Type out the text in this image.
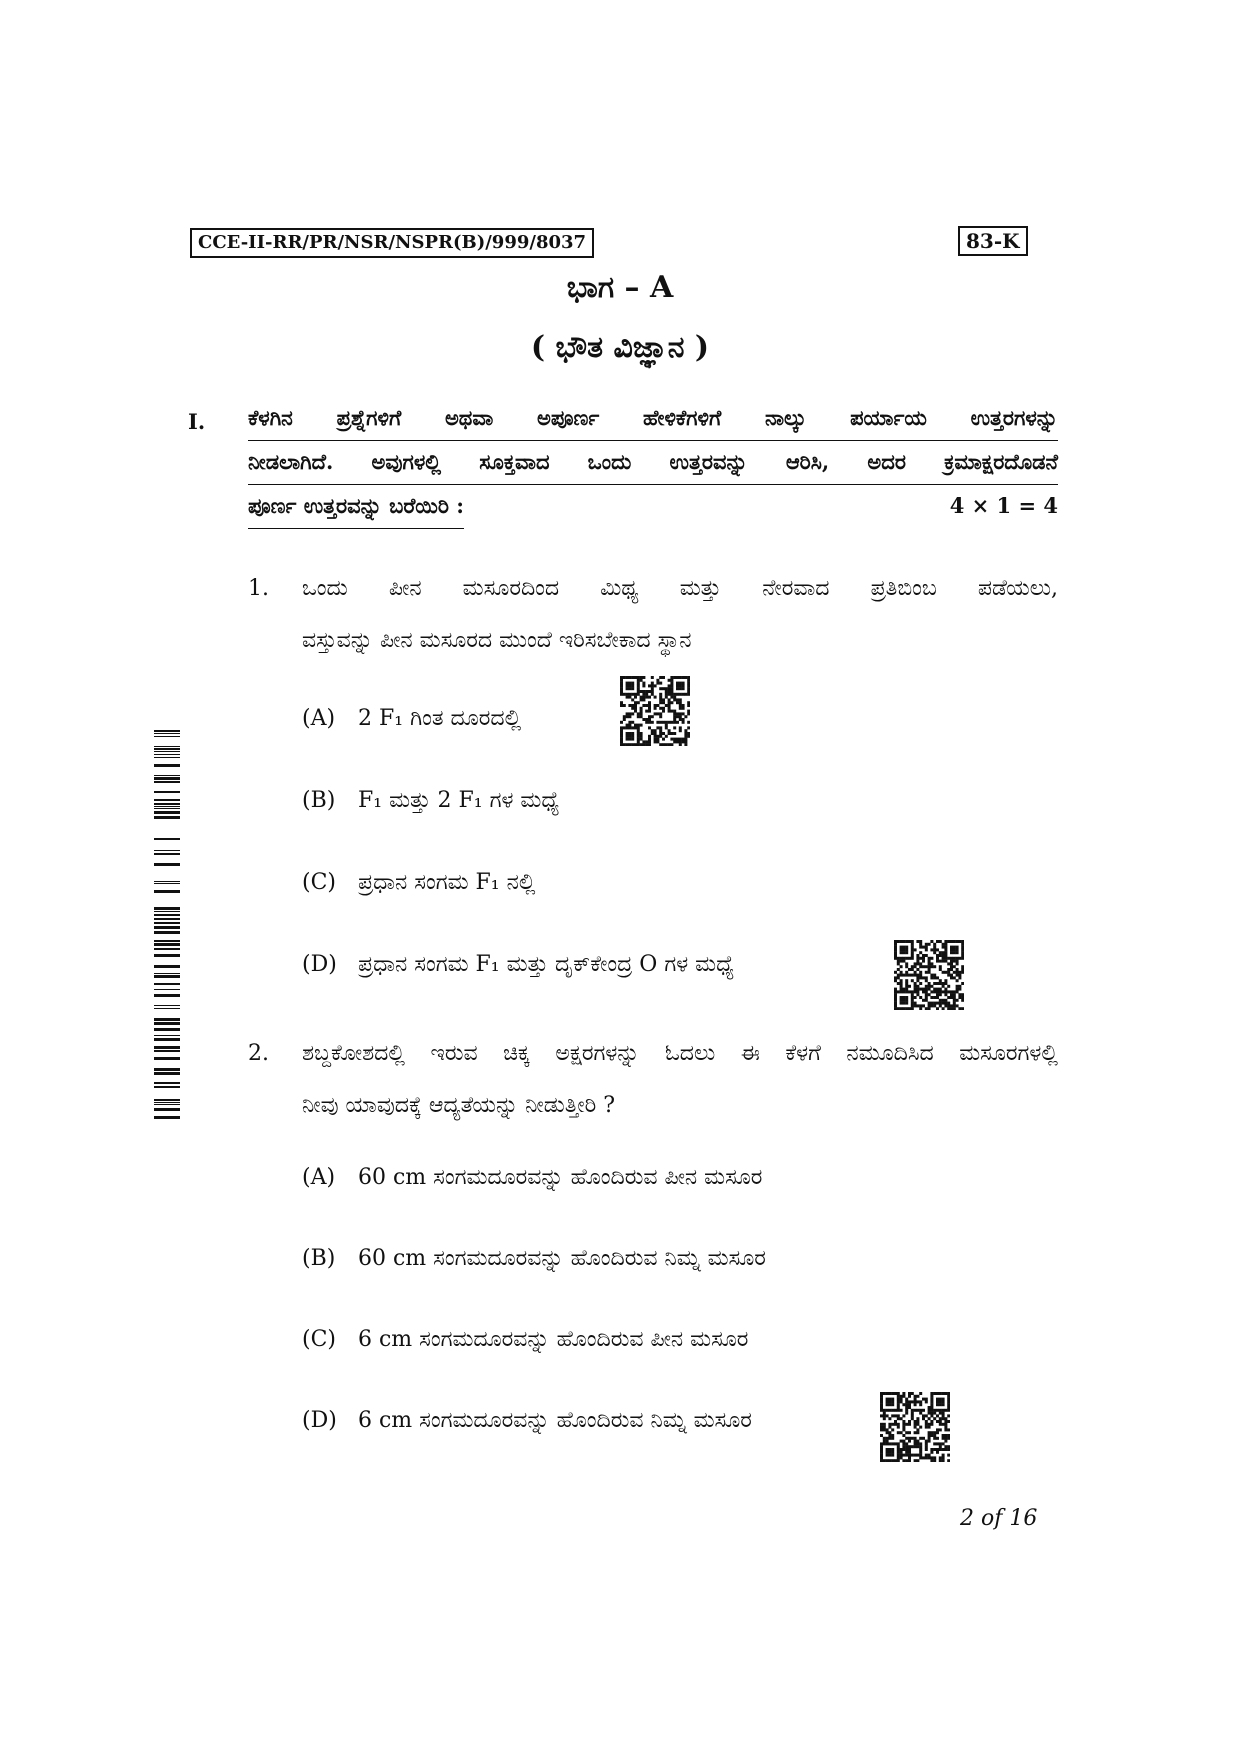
CCE-II-RR/PR/NSR/NSPR(B)/999/8037	83-K
ಭಾಗ – A
( ಭೌತ ವಿಜ್ಞಾನ )
I. ಕೆಳಗಿನ ಪ್ರಶ್ನೆಗಳಿಗೆ ಅಥವಾ ಅಪೂರ್ಣ ಹೇಳಿಕೆಗಳಿಗೆ ನಾಲ್ಕು ಪರ್ಯಾಯ ಉತ್ತರಗಳನ್ನು
ನೀಡಲಾಗಿದೆ. ಅವುಗಳಲ್ಲಿ ಸೂಕ್ತವಾದ ಒಂದು ಉತ್ತರವನ್ನು ಆರಿಸಿ, ಅದರ ಕ್ರಮಾಕ್ಷರದೊಡನೆ
ಪೂರ್ಣ ಉತ್ತರವನ್ನು ಬರೆಯಿರಿ :	4 × 1 = 4
1. ಒಂದು ಪೀನ ಮಸೂರದಿಂದ ಮಿಥ್ಯ ಮತ್ತು ನೇರವಾದ ಪ್ರತಿಬಿಂಬ ಪಡೆಯಲು,
ವಸ್ತುವನ್ನು ಪೀನ ಮಸೂರದ ಮುಂದೆ ಇರಿಸಬೇಕಾದ ಸ್ಥಾನ
(A) 2 F₁ ಗಿಂತ ದೂರದಲ್ಲಿ
(B) F₁ ಮತ್ತು 2 F₁ ಗಳ ಮಧ್ಯೆ
(C) ಪ್ರಧಾನ ಸಂಗಮ F₁ ನಲ್ಲಿ
(D) ಪ್ರಧಾನ ಸಂಗಮ F₁ ಮತ್ತು ದೃಕ್‌ಕೇಂದ್ರ O ಗಳ ಮಧ್ಯೆ
2. ಶಬ್ದಕೋಶದಲ್ಲಿ ಇರುವ ಚಿಕ್ಕ ಅಕ್ಷರಗಳನ್ನು ಓದಲು ಈ ಕೆಳಗೆ ನಮೂದಿಸಿದ ಮಸೂರಗಳಲ್ಲಿ
ನೀವು ಯಾವುದಕ್ಕೆ ಆದ್ಯತೆಯನ್ನು ನೀಡುತ್ತೀರಿ ?
(A) 60 cm ಸಂಗಮದೂರವನ್ನು ಹೊಂದಿರುವ ಪೀನ ಮಸೂರ
(B) 60 cm ಸಂಗಮದೂರವನ್ನು ಹೊಂದಿರುವ ನಿಮ್ನ ಮಸೂರ
(C) 6 cm ಸಂಗಮದೂರವನ್ನು ಹೊಂದಿರುವ ಪೀನ ಮಸೂರ
(D) 6 cm ಸಂಗಮದೂರವನ್ನು ಹೊಂದಿರುವ ನಿಮ್ನ ಮಸೂರ
2 of 16
